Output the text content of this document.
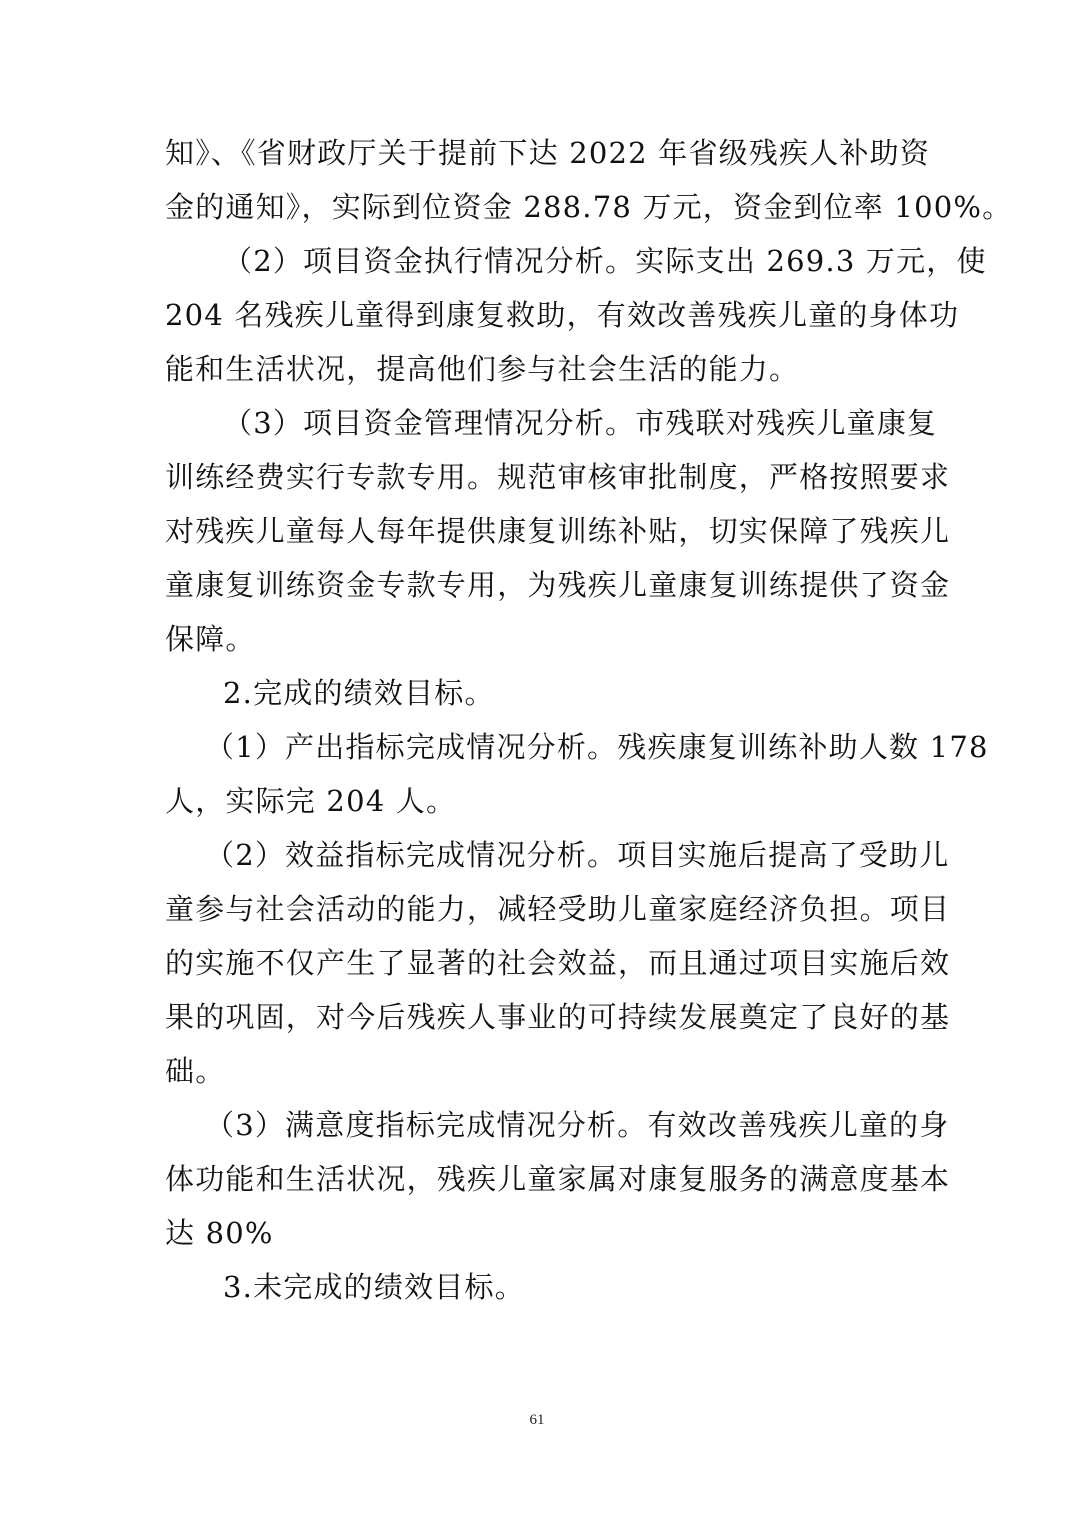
知》、《省财政厅关于提前下达 2022 年省级残疾人补助资
金的通知》，实际到位资金 288.78 万元，资金到位率 100%。
（2）项目资金执行情况分析。实际支出 269.3 万元，使
204 名残疾儿童得到康复救助，有效改善残疾儿童的身体功
能和生活状况，提高他们参与社会生活的能力。
（3）项目资金管理情况分析。市残联对残疾儿童康复
训练经费实行专款专用。规范审核审批制度，严格按照要求
对残疾儿童每人每年提供康复训练补贴，切实保障了残疾儿
童康复训练资金专款专用，为残疾儿童康复训练提供了资金
保障。
2.完成的绩效目标。
（1）产出指标完成情况分析。残疾康复训练补助人数 178
人，实际完 204 人。
（2）效益指标完成情况分析。项目实施后提高了受助儿
童参与社会活动的能力，减轻受助儿童家庭经济负担。项目
的实施不仅产生了显著的社会效益，而且通过项目实施后效
果的巩固，对今后残疾人事业的可持续发展奠定了良好的基
础。
（3）满意度指标完成情况分析。有效改善残疾儿童的身
体功能和生活状况，残疾儿童家属对康复服务的满意度基本
达 80%
3.未完成的绩效目标。
61
